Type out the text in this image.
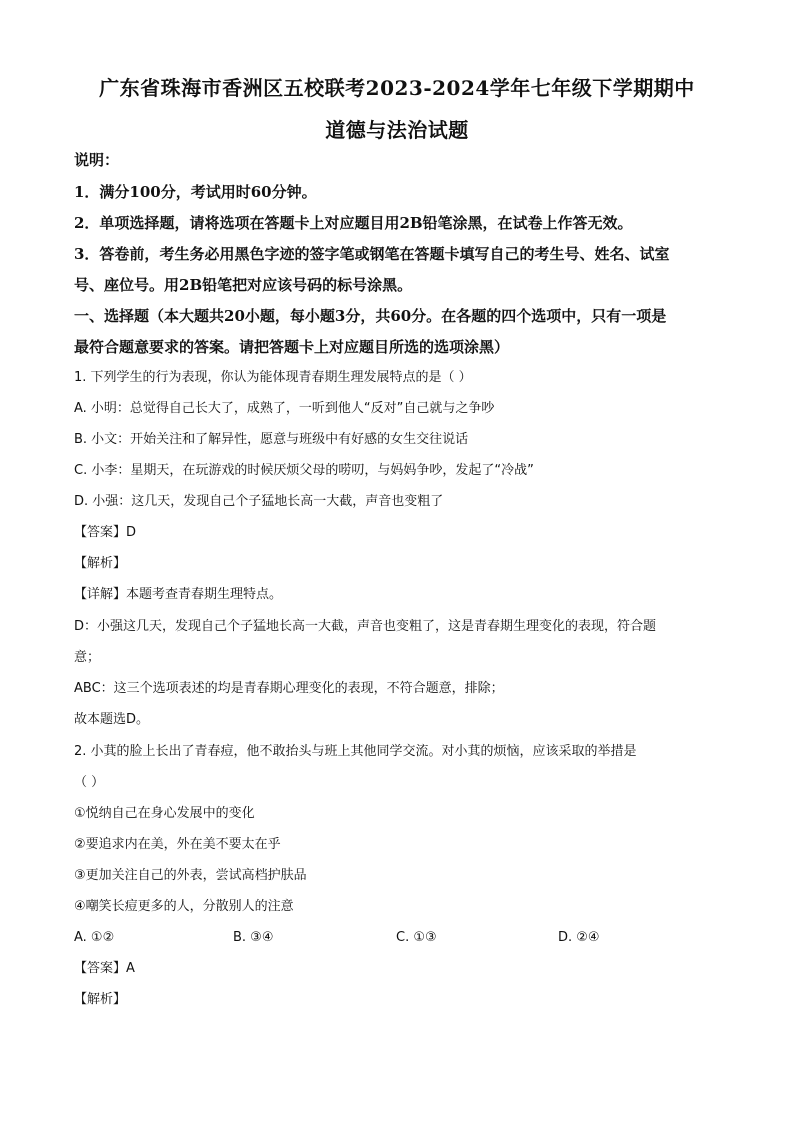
广东省珠海市香洲区五校联考2023-2024学年七年级下学期期中
道德与法治试题
说明：
1．满分100分，考试用时60分钟。
2．单项选择题，请将选项在答题卡上对应题目用2B铅笔涂黑，在试卷上作答无效。
3．答卷前，考生务必用黑色字迹的签字笔或钢笔在答题卡填写自己的考生号、姓名、试室
号、座位号。用2B铅笔把对应该号码的标号涂黑。
一、选择题（本大题共20小题，每小题3分，共60分。在各题的四个选项中，只有一项是
最符合题意要求的答案。请把答题卡上对应题目所选的选项涂黑）
1. 下列学生的行为表现，你认为能体现青春期生理发展特点的是（ ）
A. 小明：总觉得自己长大了，成熟了，一听到他人“反对”自己就与之争吵
B. 小文：开始关注和了解异性，愿意与班级中有好感的女生交往说话
C. 小李：星期天，在玩游戏的时候厌烦父母的唠叨，与妈妈争吵，发起了“冷战”
D. 小强：这几天，发现自己个子猛地长高一大截，声音也变粗了
【答案】D
【解析】
【详解】本题考查青春期生理特点。
D：小强这几天，发现自己个子猛地长高一大截，声音也变粗了，这是青春期生理变化的表现，符合题
意；
ABC：这三个选项表述的均是青春期心理变化的表现，不符合题意，排除；
故本题选D。
2. 小萁的脸上长出了青春痘，他不敢抬头与班上其他同学交流。对小萁的烦恼，应该采取的举措是
（ ）
①悦纳自己在身心发展中的变化
②要追求内在美，外在美不要太在乎
③更加关注自己的外表，尝试高档护肤品
④嘲笑长痘更多的人，分散别人的注意
A. ①②	B. ③④	C. ①③	D. ②④
【答案】A
【解析】
